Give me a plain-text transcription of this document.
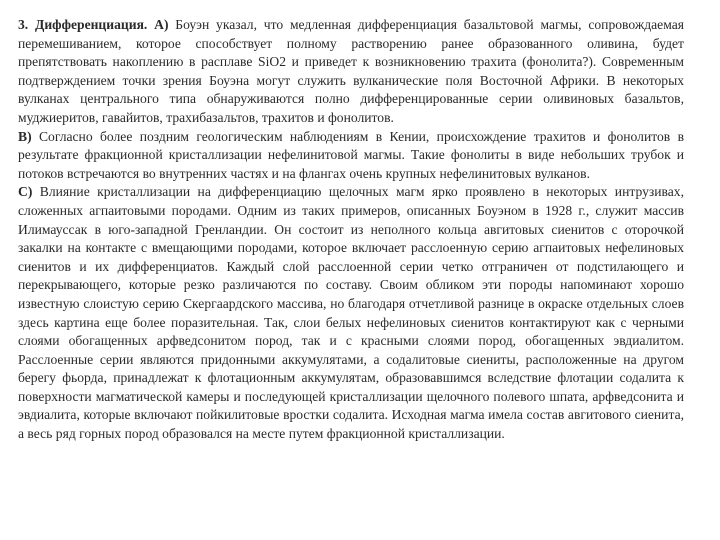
3. Дифференциация. А) Боуэн указал, что медленная дифференциация базальтовой магмы, сопровождаемая перемешиванием, которое способствует полному растворению ранее образованного оливина, будет препятствовать накоплению в расплаве SiO2 и приведет к возникновению трахита (фонолита?). Современным подтверждением точки зрения Боуэна могут служить вулканические поля Восточной Африки. В некоторых вулканах центрального типа обнаруживаются полно дифференцированные серии оливиновых базальтов, муджиеритов, гавайитов, трахибазальтов, трахитов и фонолитов.

В) Согласно более поздним геологическим наблюдениям в Кении, происхождение трахитов и фонолитов в результате фракционной кристаллизации нефелинитовой магмы. Такие фонолиты в виде небольших трубок и потоков встречаются во внутренних частях и на флангах очень крупных нефелинитовых вулканов.

С) Влияние кристаллизации на дифференциацию щелочных магм ярко проявлено в некоторых интрузивах, сложенных агпаитовыми породами. Одним из таких примеров, описанных Боуэном в 1928 г., служит массив Илимауссак в юго-западной Гренландии. Он состоит из неполного кольца авгитовых сиенитов с оторочкой закалки на контакте с вмещающими породами, которое включает расслоенную серию агпаитовых нефелиновых сиенитов и их дифференциатов. Каждый слой расслоенной серии четко отграничен от подстилающего и перекрывающего, которые резко различаются по составу. Своим обликом эти породы напоминают хорошо известную слоистую серию Скергаардского массива, но благодаря отчетливой разнице в окраске отдельных слоев здесь картина еще более поразительная. Так, слои белых нефелиновых сиенитов контактируют как с черными слоями обогащенных арфведсонитом пород, так и с красными слоями пород, обогащенных эвдиалитом. Расслоенные серии являются придонными аккумулятами, а содалитовые сиениты, расположенные на другом берегу фьорда, принадлежат к флотационным аккумулятам, образовавшимся вследствие флотации содалита к поверхности магматической камеры и последующей кристаллизации щелочного полевого шпата, арфведсонита и эвдиалита, которые включают пойкилитовые вростки содалита. Исходная магма имела состав авгитового сиенита, а весь ряд горных пород образовался на месте путем фракционной кристаллизации.
